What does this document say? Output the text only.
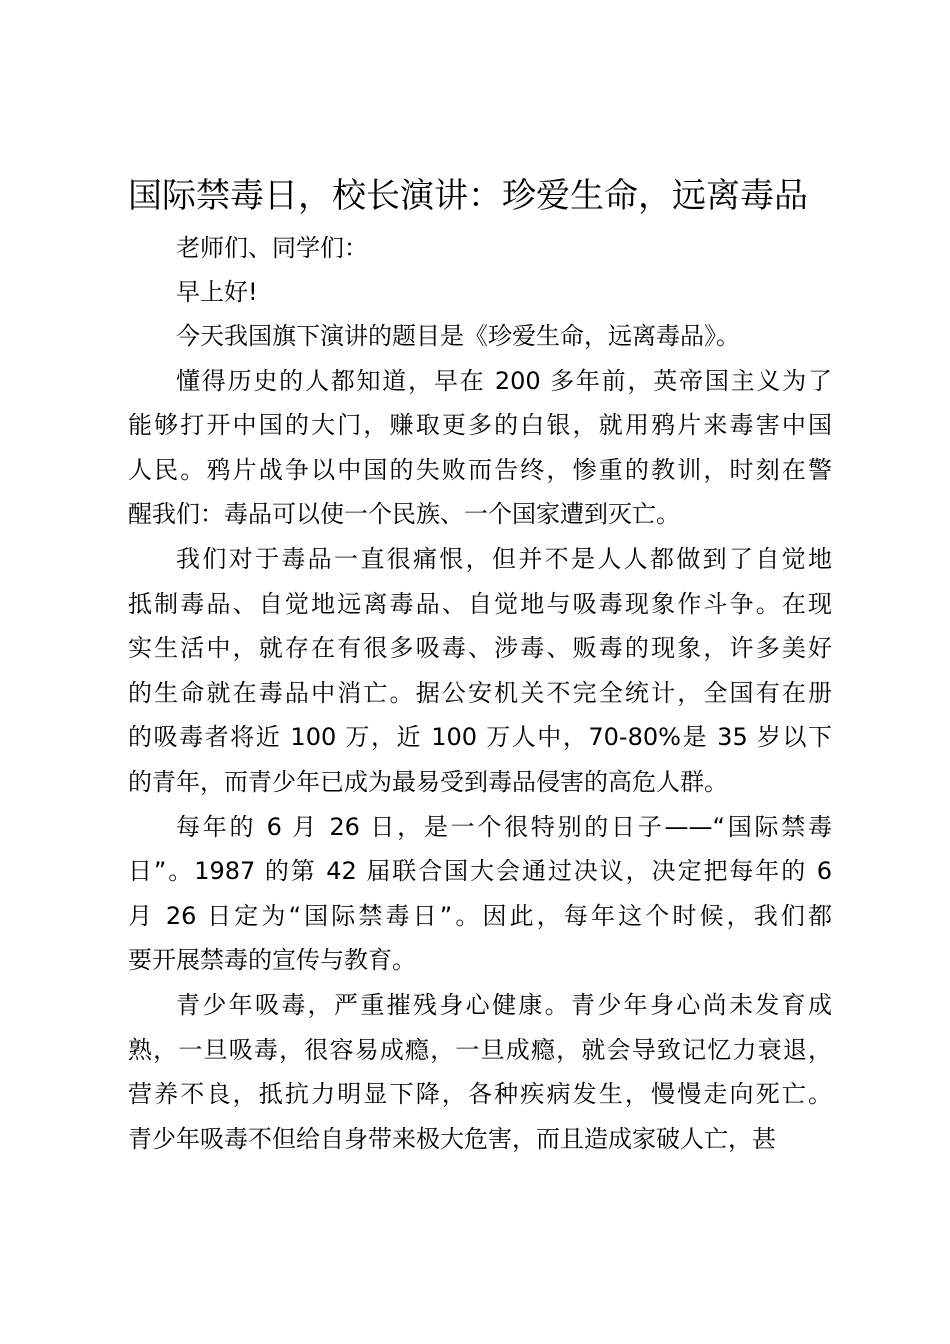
国际禁毒日，校长演讲：珍爱生命，远离毒品

老师们、同学们：

早上好!

今天我国旗下演讲的题目是《珍爱生命，远离毒品》。
懂得历史的人都知道，早在 200 多年前，英帝国主义为了
能够打开中国的大门，赚取更多的白银，就用鸦片来毒害中国
人民。鸦片战争以中国的失败而告终，惨重的教训，时刻在警
醒我们：毒品可以使一个民族、一个国家遭到灭亡。
我们对于毒品一直很痛恨，但并不是人人都做到了自觉地
抵制毒品、自觉地远离毒品、自觉地与吸毒现象作斗争。在现
实生活中，就存在有很多吸毒、涉毒、贩毒的现象，许多美好
的生命就在毒品中消亡。据公安机关不完全统计，全国有在册
的吸毒者将近 100 万，近 100 万人中，70-80%是 35 岁以下
的青年，而青少年已成为最易受到毒品侵害的高危人群。
每年的 6 月 26 日，是一个很特别的日子——“国际禁毒
日”。1987 的第 42 届联合国大会通过决议，决定把每年的 6
月 26 日定为“国际禁毒日”。因此，每年这个时候，我们都
要开展禁毒的宣传与教育。
青少年吸毒，严重摧残身心健康。青少年身心尚未发育成
熟，一旦吸毒，很容易成瘾，一旦成瘾，就会导致记忆力衰退，
营养不良，抵抗力明显下降，各种疾病发生，慢慢走向死亡。
青少年吸毒不但给自身带来极大危害，而且造成家破人亡，甚
